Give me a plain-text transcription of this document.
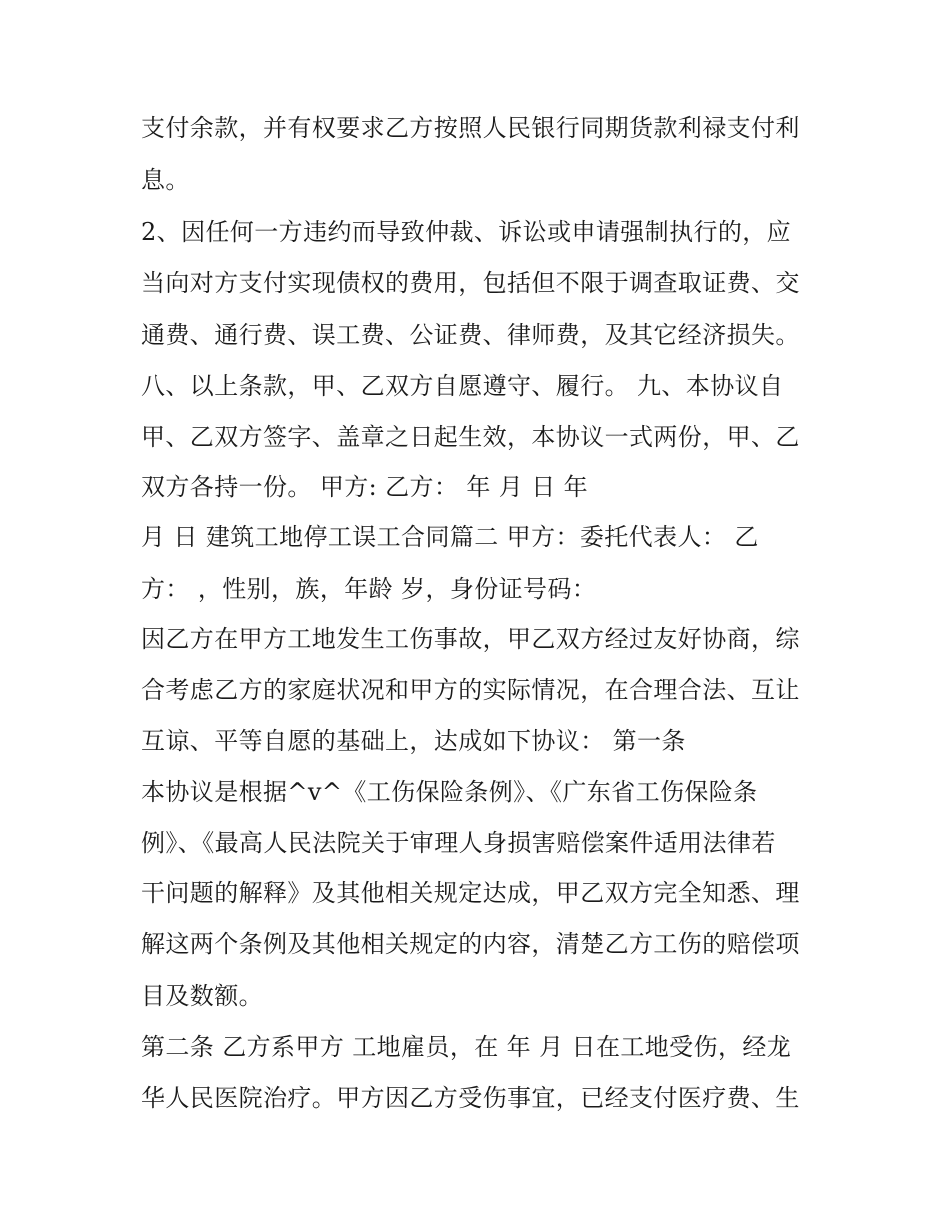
支付余款，并有权要求乙方按照人民银行同期货款利禄支付利

息。

2、因任何一方违约而导致仲裁、诉讼或申请强制执行的，应

当向对方支付实现债权的费用，包括但不限于调查取证费、交

通费、通行费、误工费、公证费、律师费，及其它经济损失。

八、以上条款，甲、乙双方自愿遵守、履行。 九、本协议自

甲、乙双方签字、盖章之日起生效，本协议一式两份，甲、乙

双方各持一份。 甲方: 乙方： 年 月 日 年

月 日 建筑工地停工误工合同篇二 甲方：委托代表人： 乙

方： ，性别，族，年龄 岁，身份证号码：

因乙方在甲方工地发生工伤事故，甲乙双方经过友好协商，综

合考虑乙方的家庭状况和甲方的实际情况，在合理合法、互让

互谅、平等自愿的基础上，达成如下协议： 第一条

本协议是根据^v^《工伤保险条例》、《广东省工伤保险条

例》、《最高人民法院关于审理人身损害赔偿案件适用法律若

干问题的解释》及其他相关规定达成，甲乙双方完全知悉、理

解这两个条例及其他相关规定的内容，清楚乙方工伤的赔偿项

目及数额。

第二条 乙方系甲方 工地雇员，在 年 月 日在工地受伤，经龙

华人民医院治疗。甲方因乙方受伤事宜，已经支付医疗费、生
